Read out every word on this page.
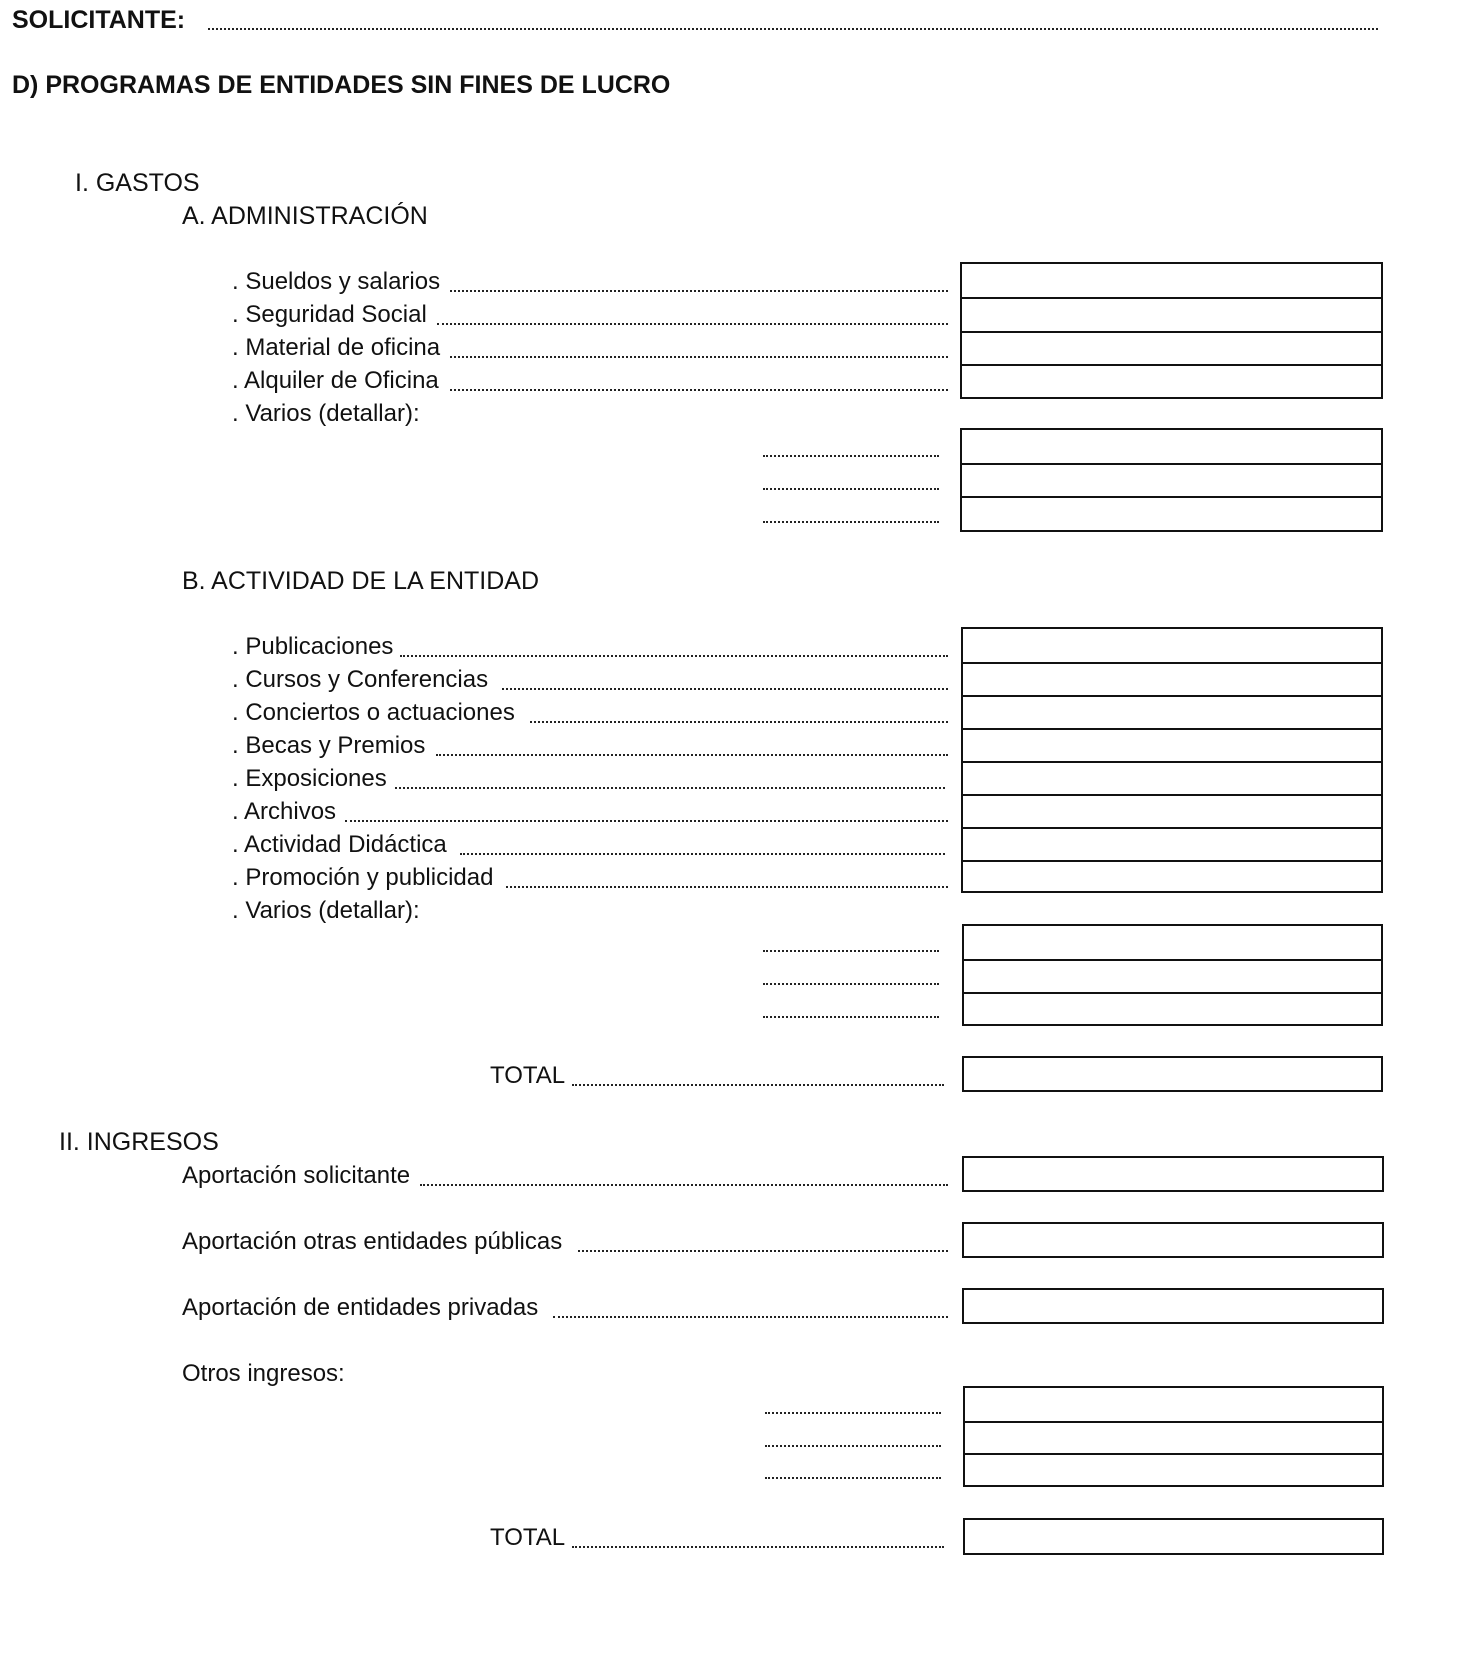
SOLICITANTE:
D) PROGRAMAS DE ENTIDADES SIN FINES DE LUCRO
I. GASTOS
A. ADMINISTRACIÓN
. Sueldos y salarios
. Seguridad Social
. Material de oficina
. Alquiler de Oficina
. Varios (detallar):
B. ACTIVIDAD DE LA ENTIDAD
. Publicaciones
. Cursos y Conferencias
. Conciertos o actuaciones
. Becas y Premios
. Exposiciones
. Archivos
. Actividad Didáctica
. Promoción y publicidad
. Varios (detallar):
TOTAL
II. INGRESOS
Aportación solicitante
Aportación otras entidades públicas
Aportación de entidades privadas
Otros ingresos:
TOTAL
